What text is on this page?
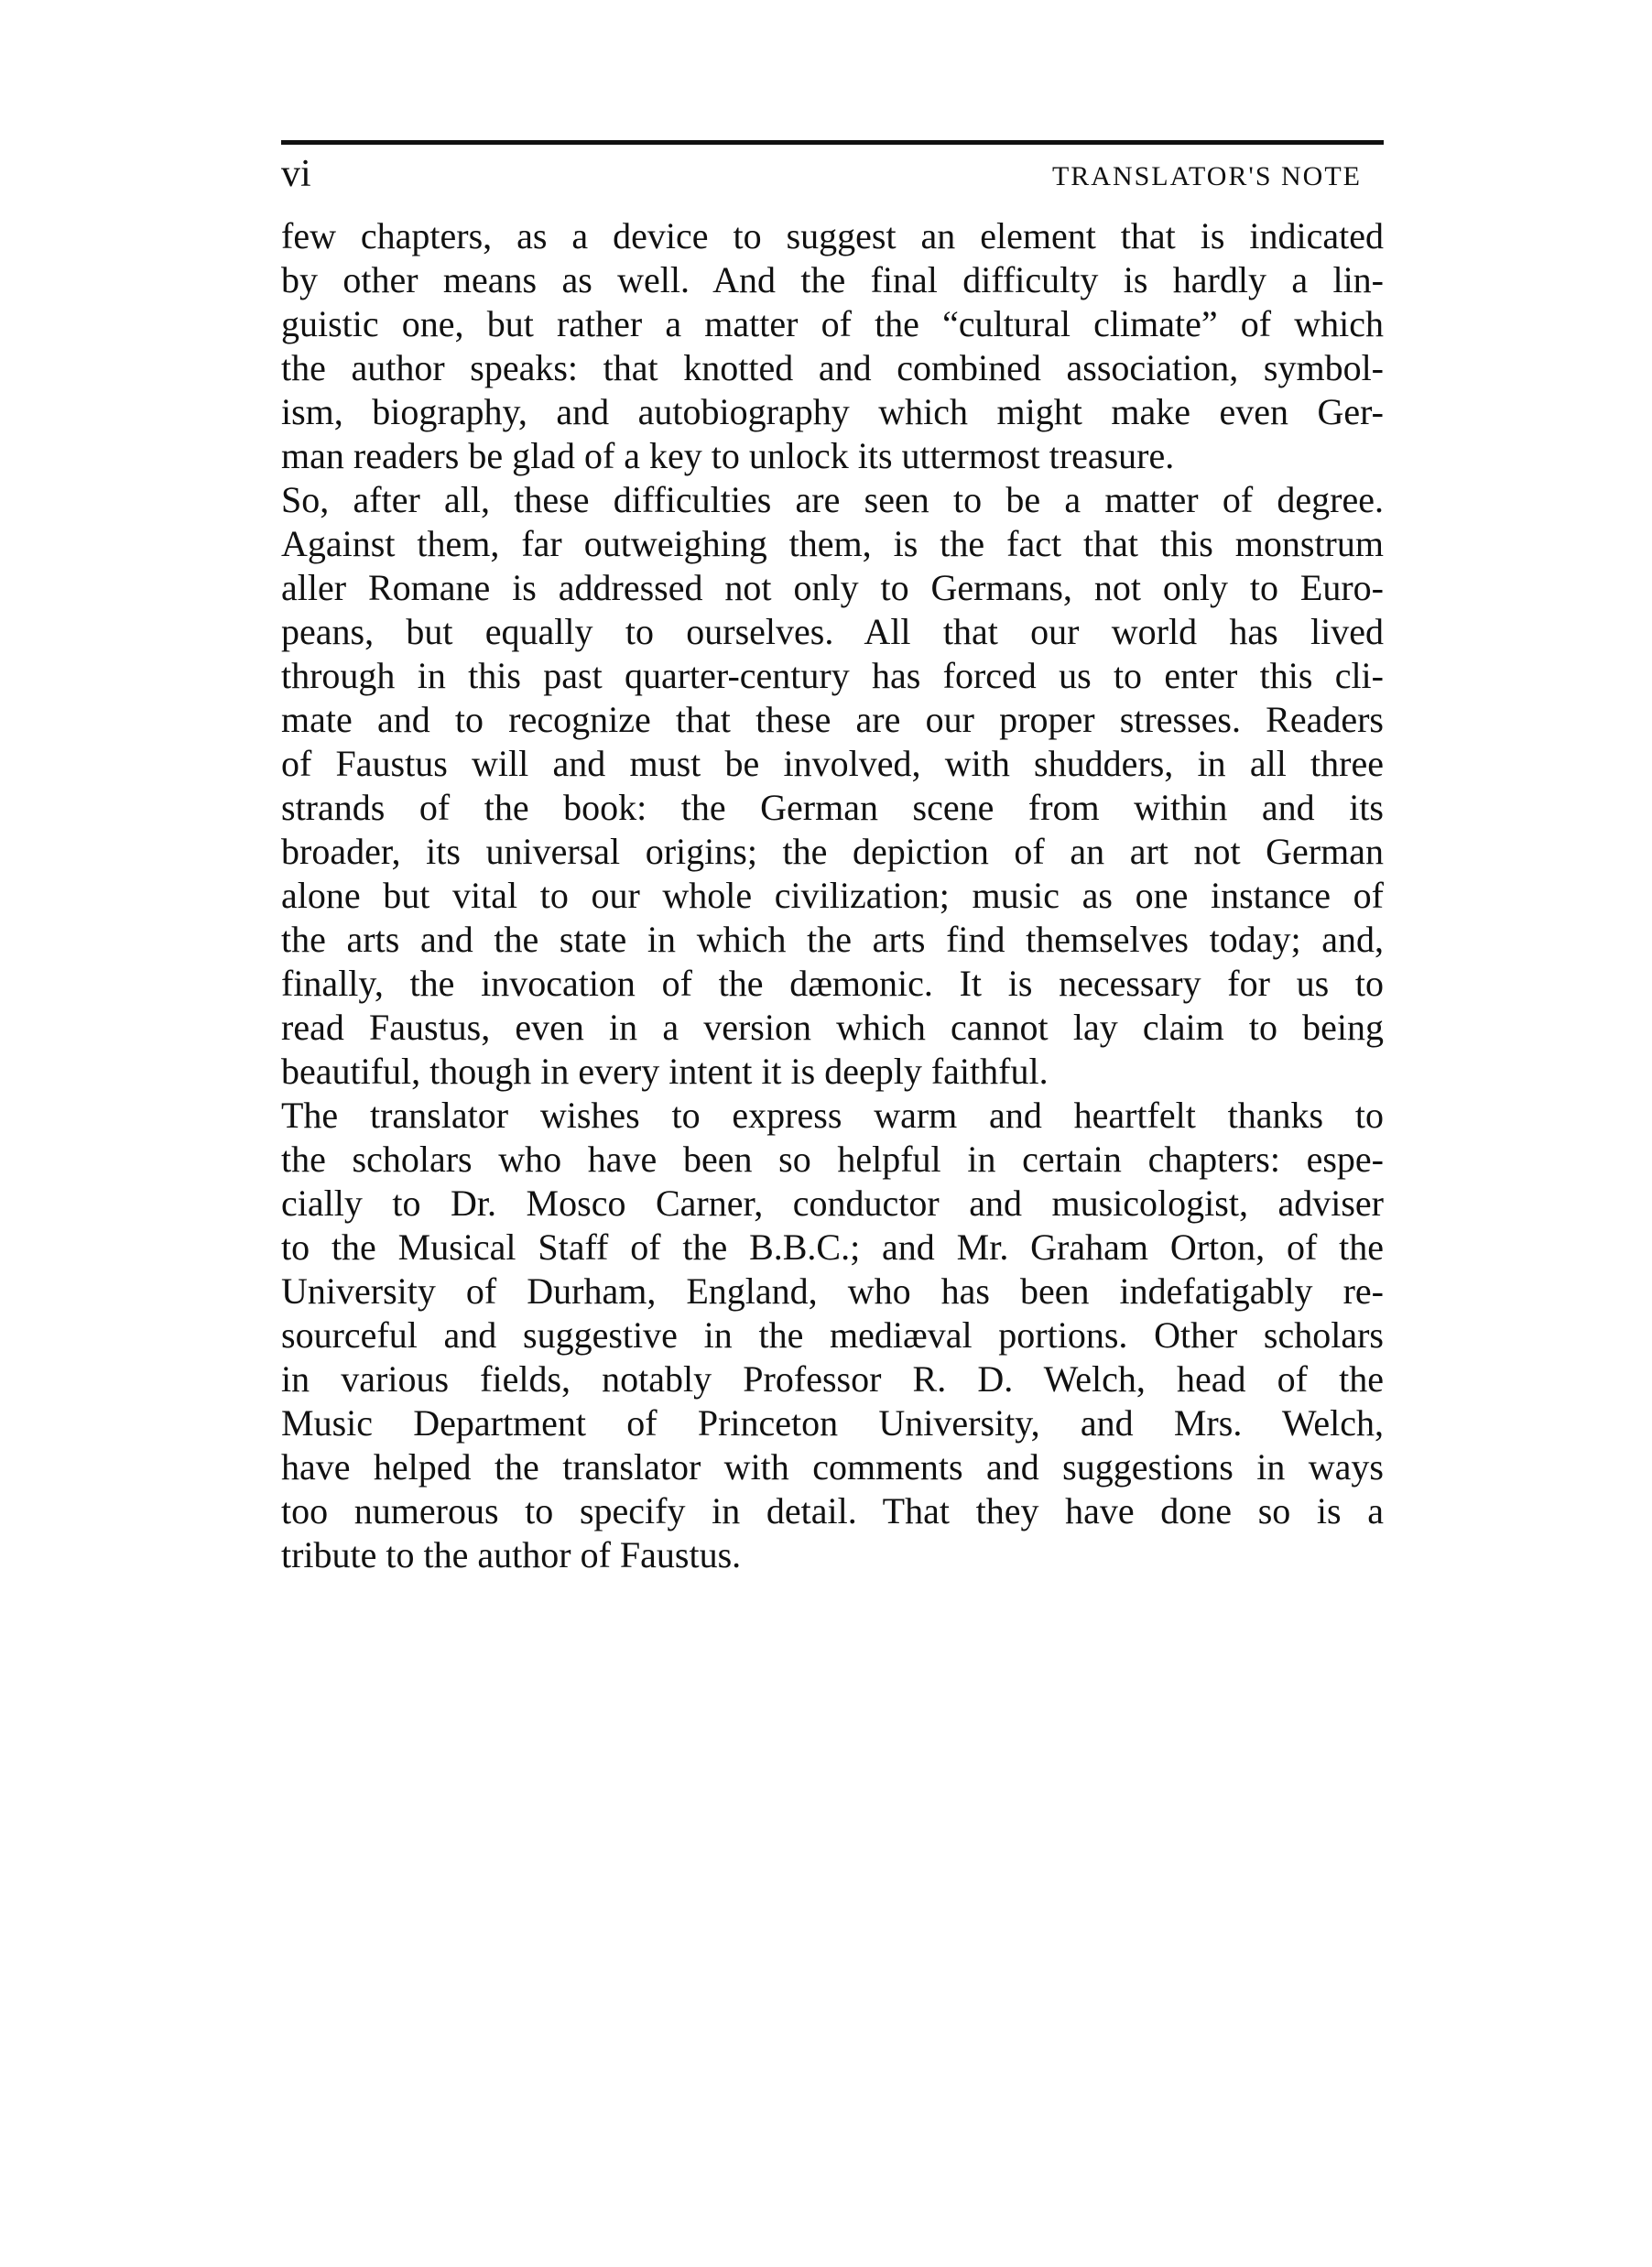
vi	TRANSLATOR'S NOTE
few chapters, as a device to suggest an element that is indicated
by other means as well. And the final difficulty is hardly a lin-
guistic one, but rather a matter of the “cultural climate” of which
the author speaks: that knotted and combined association, symbol-
ism, biography, and autobiography which might make even Ger-
man readers be glad of a key to unlock its uttermost treasure.
So, after all, these difficulties are seen to be a matter of degree.
Against them, far outweighing them, is the fact that this monstrum
aller Romane is addressed not only to Germans, not only to Euro-
peans, but equally to ourselves. All that our world has lived
through in this past quarter-century has forced us to enter this cli-
mate and to recognize that these are our proper stresses. Readers
of Faustus will and must be involved, with shudders, in all three
strands of the book: the German scene from within and its
broader, its universal origins; the depiction of an art not German
alone but vital to our whole civilization; music as one instance of
the arts and the state in which the arts find themselves today; and,
finally, the invocation of the dæmonic. It is necessary for us to
read Faustus, even in a version which cannot lay claim to being
beautiful, though in every intent it is deeply faithful.
The translator wishes to express warm and heartfelt thanks to
the scholars who have been so helpful in certain chapters: espe-
cially to Dr. Mosco Carner, conductor and musicologist, adviser
to the Musical Staff of the B.B.C.; and Mr. Graham Orton, of the
University of Durham, England, who has been indefatigably re-
sourceful and suggestive in the mediæval portions. Other scholars
in various fields, notably Professor R. D. Welch, head of the
Music Department of Princeton University, and Mrs. Welch,
have helped the translator with comments and suggestions in ways
too numerous to specify in detail. That they have done so is a
tribute to the author of Faustus.
